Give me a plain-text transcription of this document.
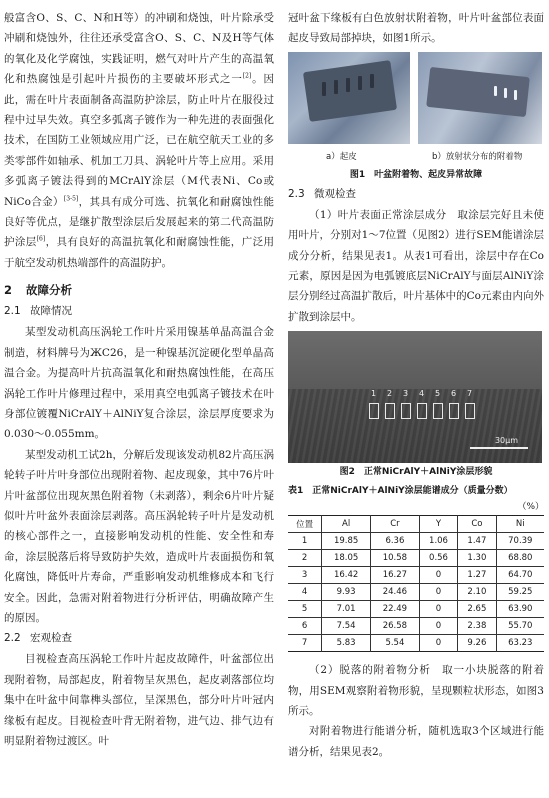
般富含O、S、C、N和H等）的冲刷和烧蚀，叶片除承受冲刷和烧蚀外，往往还承受富含O、S、C、N及H等气体的氧化及化学腐蚀，实践证明，燃气对叶片产生的高温氧化和热腐蚀是引起叶片损伤的主要破坏形式之一[2]。因此，需在叶片表面制备高温防护涂层，防止叶片在服役过程中过早失效。真空多弧离子镀作为一种先进的表面强化技术，在国防工业领域应用广泛，已在航空航天工业的多类零部件如轴承、机加工刀具、涡轮叶片等上应用。采用多弧离子镀法得到的MCrAlY涂层（M代表Ni、Co或NiCo合金）[3-5]，其具有成分可选、抗氧化和耐腐蚀性能良好等优点，是继扩散型涂层后发展起来的第二代高温防护涂层[6]，具有良好的高温抗氧化和耐腐蚀性能，广泛用于航空发动机热端部件的高温防护。

2 故障分析
2.1 故障情况

某型发动机高压涡轮工作叶片采用镍基单晶高温合金制造，材料牌号为ЖС26，是一种镍基沉淀硬化型单晶高温合金。为提高叶片抗高温氧化和耐热腐蚀性能，在高压涡轮工作叶片修理过程中，采用真空电弧离子镀技术在叶身部位镀覆NiCrAlY＋AlNiY复合涂层，涂层厚度要求为0.030～0.055mm。

某型发动机工试2h，分解后发现该发动机82片高压涡轮转子叶片叶身部位出现附着物、起皮现象，其中76片叶片叶盆部位出现灰黑色附着物（未剥落），剩余6片叶片疑似叶片叶盆外表面涂层剥落。高压涡轮转子叶片是发动机的核心部件之一，直接影响发动机的性能、安全性和寿命，涂层脱落后将导致防护失效，造成叶片表面损伤和氧化腐蚀，降低叶片寿命，严重影响发动机维修成本和飞行安全。因此，急需对附着物进行分析评估，明确故障产生的原因。

2.2 宏观检查

目视检查高压涡轮工作叶片起皮故障件，叶盆部位出现附着物，局部起皮，附着物呈灰黑色，起皮剥落部位均集中在叶盆中间靠榫头部位，呈深黑色，部分叶片叶冠内缘板有起皮。目视检查叶背无附着物，进气边、排气边有明显附着物过渡区。叶

冠叶盆下缘板有白色放射状附着物，叶片叶盆部位表面起皮导致局部掉块，如图1所示。

a）起皮	b）放射状分布的附着物
图1　叶盆附着物、起皮异常故障
2.3 微观检查

（1）叶片表面正常涂层成分　取涂层完好且未使用叶片，分别对1～7位置（见图2）进行SEM能谱涂层成分分析，结果见表1。从表1可看出，涂层中存在Co元素，原因是因为电弧镀底层NiCrAlY与面层AlNiY涂层分别经过高温扩散后，叶片基体中的Co元素由内向外扩散到涂层中。

1 2 3 4 5 6 7
30μm
图2　正常NiCrAlY＋AlNiY涂层形貌
表1　正常NiCrAlY＋AlNiY涂层能谱成分（质量分数）
（%）
位置	Al	Cr	Y	Co	Ni
1	19.85	6.36	1.06	1.47	70.39
2	18.05	10.58	0.56	1.30	68.80
3	16.42	16.27	0	1.27	64.70
4	9.93	24.46	0	2.10	59.25
5	7.01	22.49	0	2.65	63.90
6	7.54	26.58	0	2.38	55.70
7	5.83	5.54	0	9.26	63.23

（2）脱落的附着物分析　取一小块脱落的附着物，用SEM观察附着物形貌，呈现颗粒状形态，如图3所示。

对附着物进行能谱分析，随机选取3个区域进行能谱分析，结果见表2。
